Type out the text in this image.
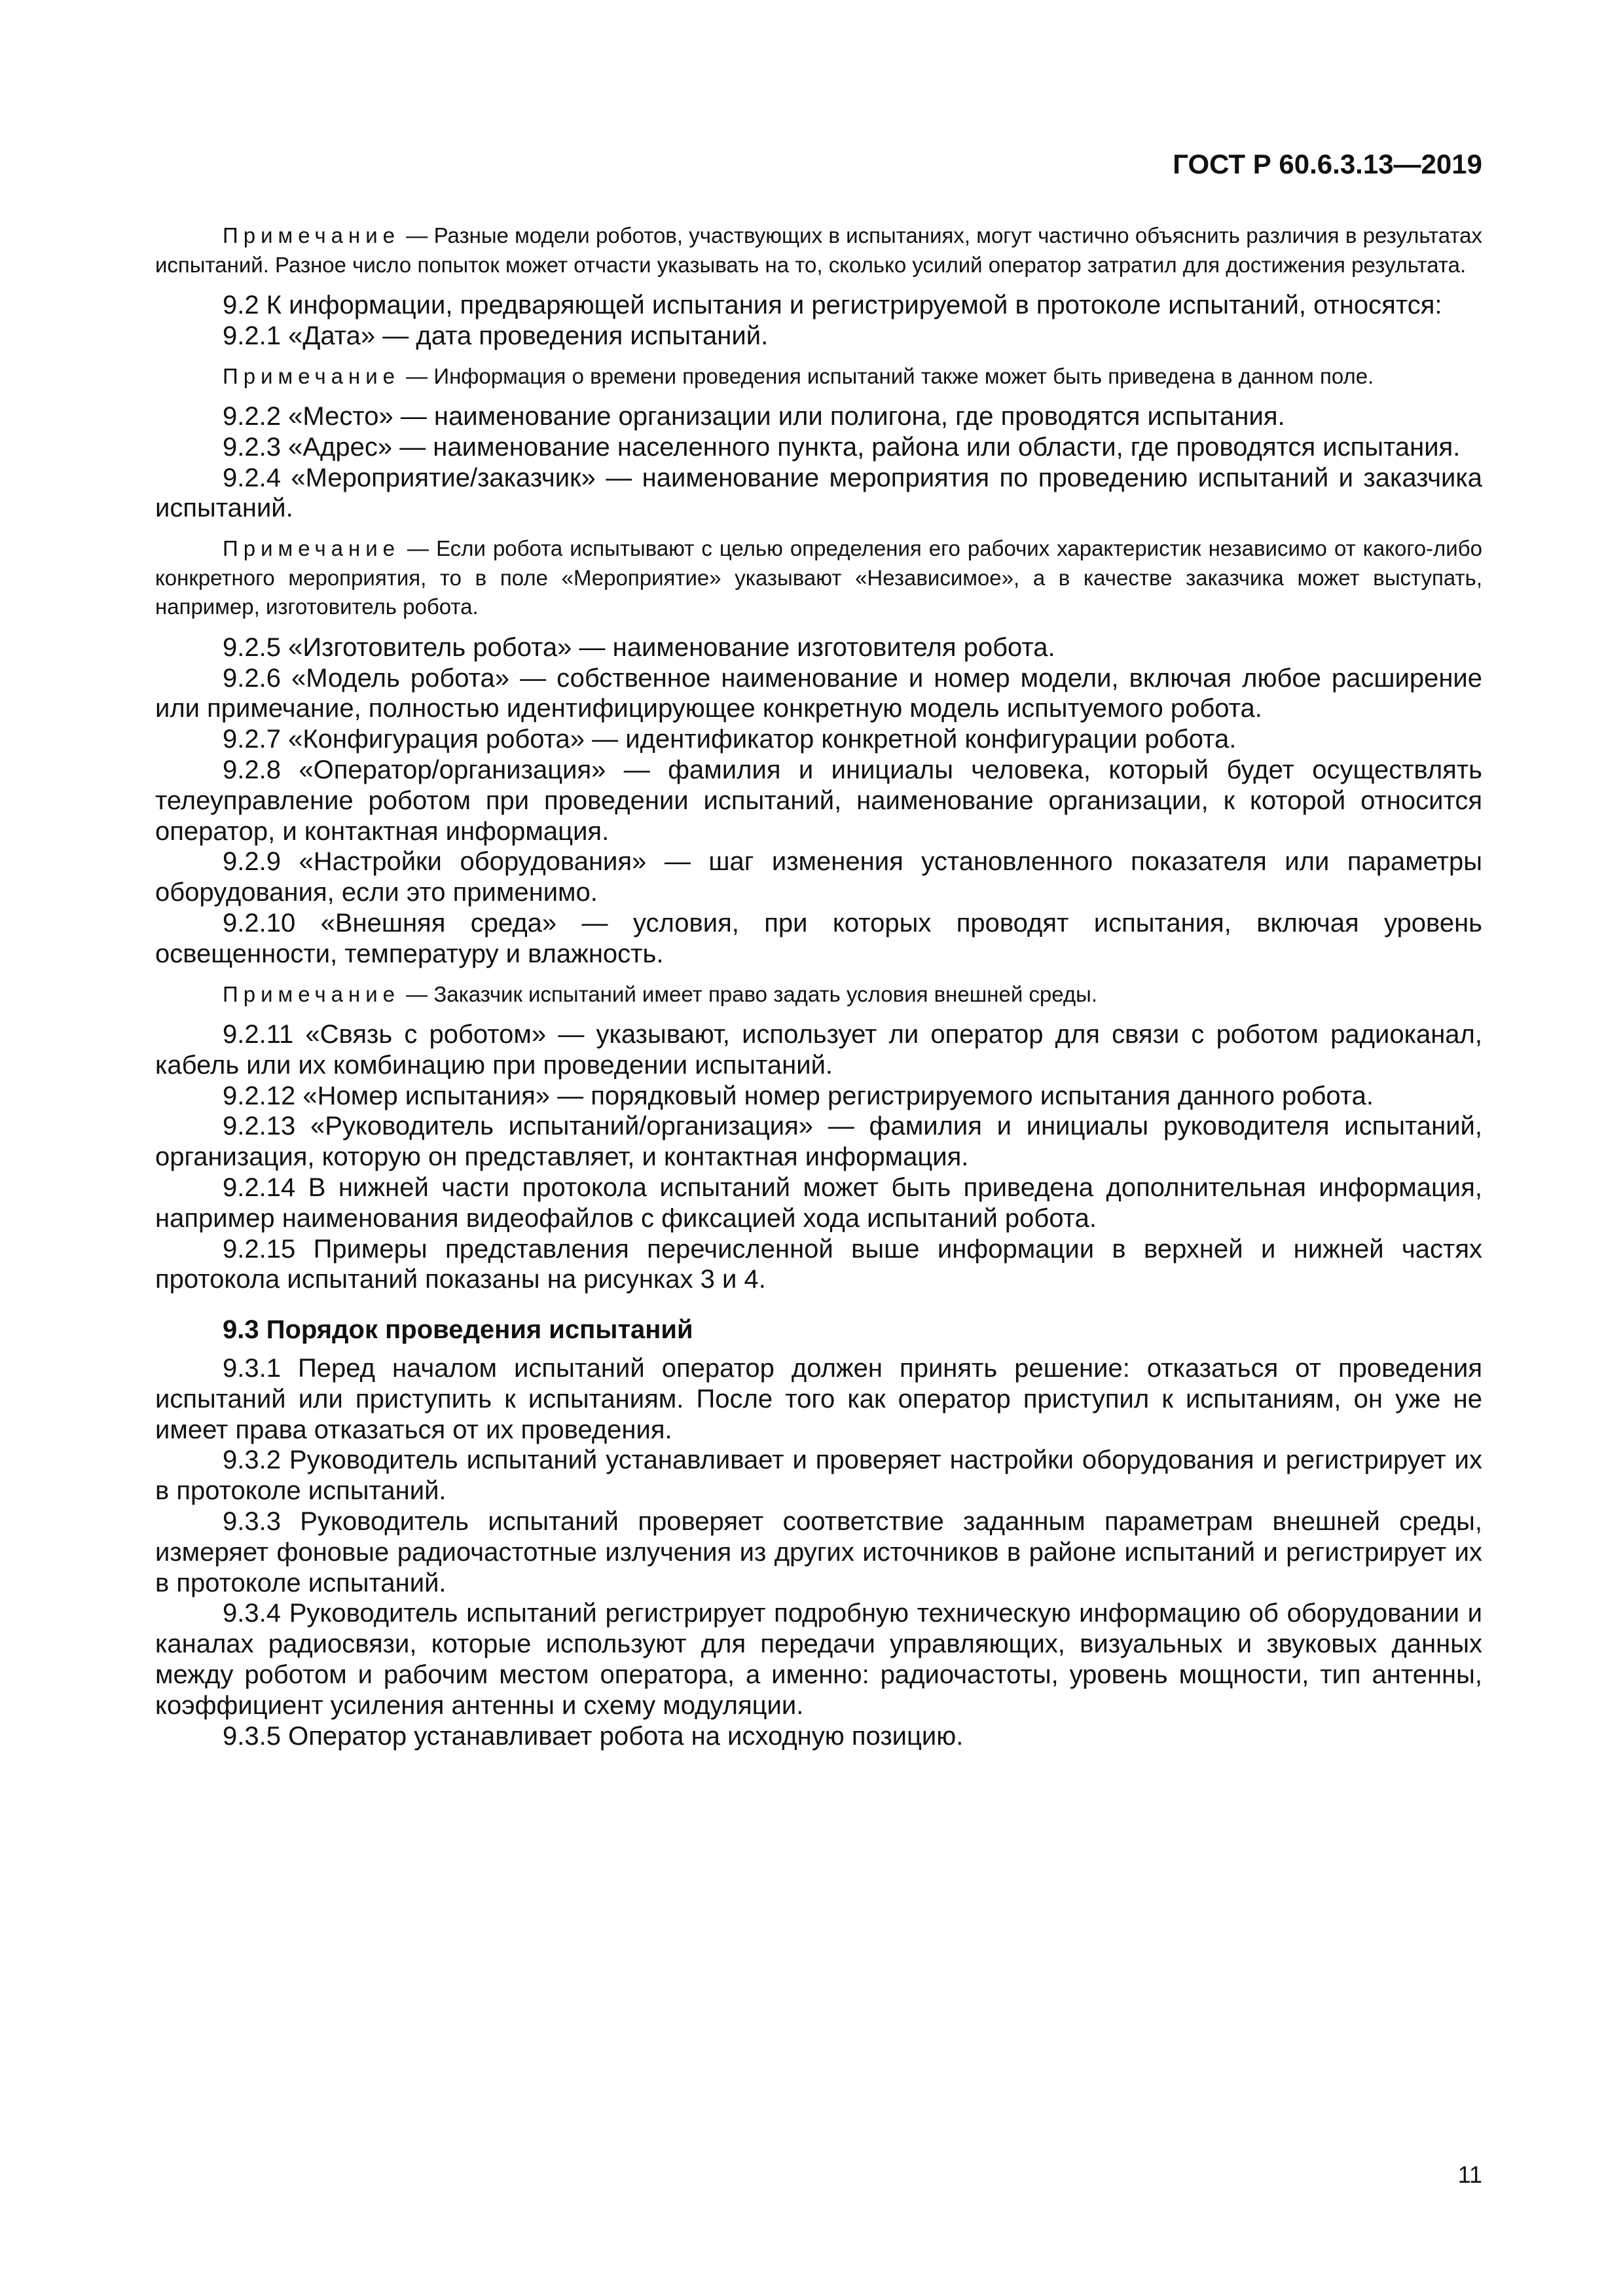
ГОСТ Р 60.6.3.13—2019

Примечание — Разные модели роботов, участвующих в испытаниях, могут частично объяснить различия в результатах испытаний. Разное число попыток может отчасти указывать на то, сколько усилий оператор затратил для достижения результата.

9.2 К информации, предваряющей испытания и регистрируемой в протоколе испытаний, относятся:

9.2.1 «Дата» — дата проведения испытаний.

Примечание — Информация о времени проведения испытаний также может быть приведена в данном поле.

9.2.2 «Место» — наименование организации или полигона, где проводятся испытания.

9.2.3 «Адрес» — наименование населенного пункта, района или области, где проводятся испытания.

9.2.4 «Мероприятие/заказчик» — наименование мероприятия по проведению испытаний и заказчика испытаний.

Примечание — Если робота испытывают с целью определения его рабочих характеристик независимо от какого-либо конкретного мероприятия, то в поле «Мероприятие» указывают «Независимое», а в качестве заказчика может выступать, например, изготовитель робота.

9.2.5 «Изготовитель робота» — наименование изготовителя робота.

9.2.6 «Модель робота» — собственное наименование и номер модели, включая любое расширение или примечание, полностью идентифицирующее конкретную модель испытуемого робота.

9.2.7 «Конфигурация робота» — идентификатор конкретной конфигурации робота.

9.2.8 «Оператор/организация» — фамилия и инициалы человека, который будет осуществлять телеуправление роботом при проведении испытаний, наименование организации, к которой относится оператор, и контактная информация.

9.2.9 «Настройки оборудования» — шаг изменения установленного показателя или параметры оборудования, если это применимо.

9.2.10 «Внешняя среда» — условия, при которых проводят испытания, включая уровень освещенности, температуру и влажность.

Примечание — Заказчик испытаний имеет право задать условия внешней среды.

9.2.11 «Связь с роботом» — указывают, использует ли оператор для связи с роботом радиоканал, кабель или их комбинацию при проведении испытаний.

9.2.12 «Номер испытания» — порядковый номер регистрируемого испытания данного робота.

9.2.13 «Руководитель испытаний/организация» — фамилия и инициалы руководителя испытаний, организация, которую он представляет, и контактная информация.

9.2.14 В нижней части протокола испытаний может быть приведена дополнительная информация, например наименования видеофайлов с фиксацией хода испытаний робота.

9.2.15 Примеры представления перечисленной выше информации в верхней и нижней частях протокола испытаний показаны на рисунках 3 и 4.

9.3 Порядок проведения испытаний

9.3.1 Перед началом испытаний оператор должен принять решение: отказаться от проведения испытаний или приступить к испытаниям. После того как оператор приступил к испытаниям, он уже не имеет права отказаться от их проведения.

9.3.2 Руководитель испытаний устанавливает и проверяет настройки оборудования и регистрирует их в протоколе испытаний.

9.3.3 Руководитель испытаний проверяет соответствие заданным параметрам внешней среды, измеряет фоновые радиочастотные излучения из других источников в районе испытаний и регистрирует их в протоколе испытаний.

9.3.4 Руководитель испытаний регистрирует подробную техническую информацию об оборудовании и каналах радиосвязи, которые используют для передачи управляющих, визуальных и звуковых данных между роботом и рабочим местом оператора, а именно: радиочастоты, уровень мощности, тип антенны, коэффициент усиления антенны и схему модуляции.

9.3.5 Оператор устанавливает робота на исходную позицию.

11
